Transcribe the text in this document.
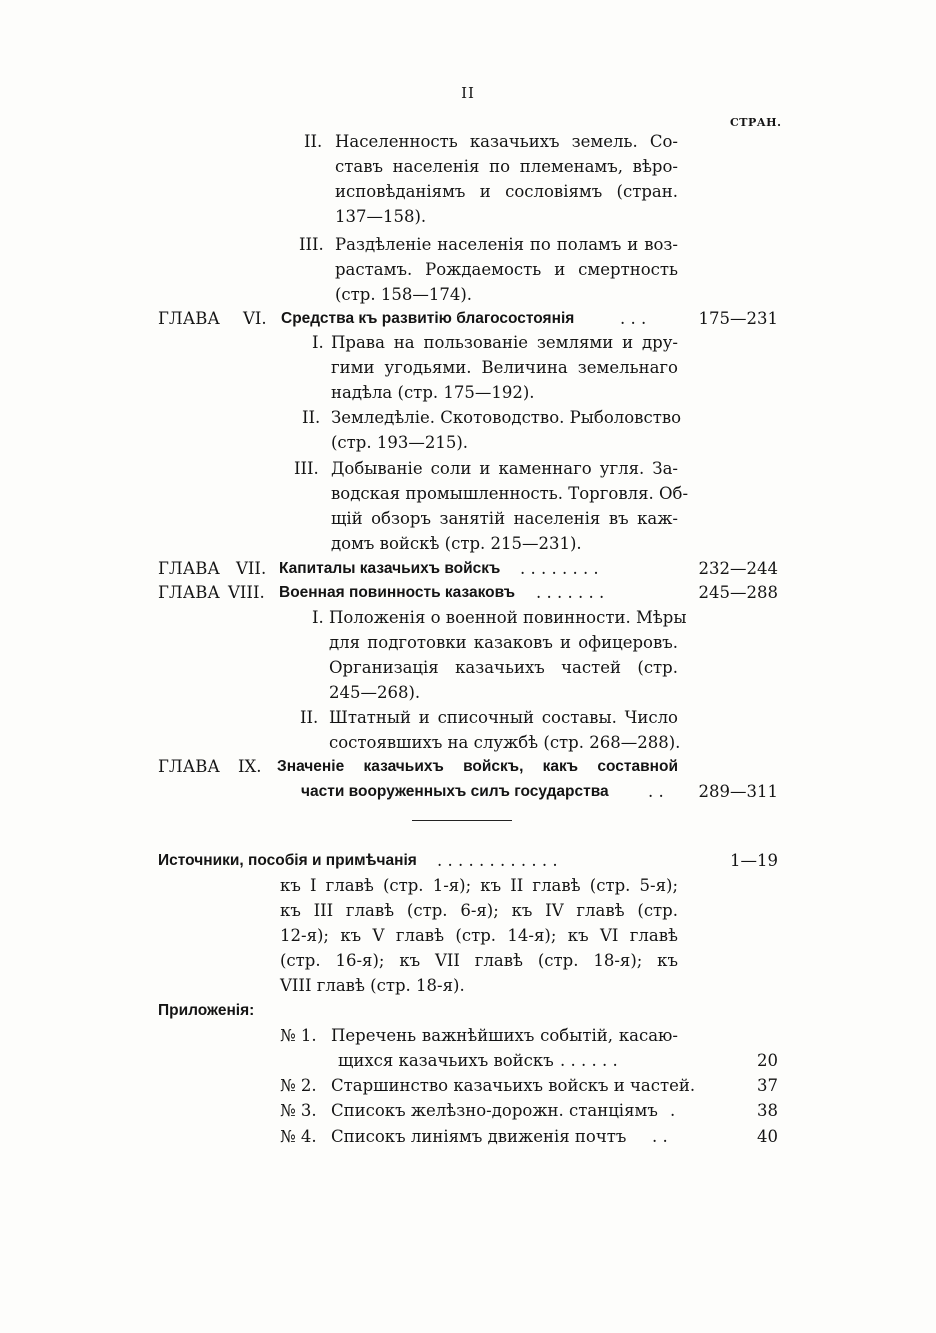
II
СТРАН.
II. Населенность казачьихъ земель. Со-
ставъ населенія по племенамъ, вѣро-
исповѣданіямъ и сословіямъ (стран.
137—158).
III. Раздѣленіе населенія по поламъ и воз-
растамъ. Рождаемость и смертность
(стр. 158—174).
ГЛАВА VI. Средства къ развитію благосостоянія	. . .	175—231
I. Права на пользованіе землями и дру-
гими угодьями. Величина земельнаго
надѣла (стр. 175—192).
II. Земледѣліе. Скотоводство. Рыболовство
(стр. 193—215).
III. Добываніе соли и каменнаго угля. За-
водская промышленность. Торговля. Об-
щій обзоръ занятій населенія въ каж-
домъ войскѣ (стр. 215—231).
ГЛАВА VII. Капиталы казачьихъ войскъ . . . . . . . .	232—244
ГЛАВА VIII. Военная повинность казаковъ . . . . . . .	245—288
I. Положенія о военной повинности. Мѣры
для подготовки казаковъ и офицеровъ.
Организація казачьихъ частей (стр.
245—268).
II. Штатный и списочный составы. Число
состоявшихъ на службѣ (стр. 268—288).
ГЛАВА IX. Значеніе казачьихъ войскъ, какъ составной
части вооруженныхъ силъ государства . . 289—311
Источники, пособія и примѣчанія . . . . . . . . . . . .	1—19
къ I главѣ (стр. 1-я); къ II главѣ (стр. 5-я);
къ III главѣ (стр. 6-я); къ IV главѣ (стр.
12-я); къ V главѣ (стр. 14-я); къ VI главѣ
(стр. 16-я); къ VII главѣ (стр. 18-я); къ
VIII главѣ (стр. 18-я).
Приложенія:
№ 1. Перечень важнѣйшихъ событій, касаю-
щихся казачьихъ войскъ . . . . . .	20
№ 2. Старшинство казачьихъ войскъ и частей.	37
№ 3. Списокъ желѣзно-дорожн. станціямъ .	38
№ 4. Списокъ линіямъ движенія почтъ . .	40
